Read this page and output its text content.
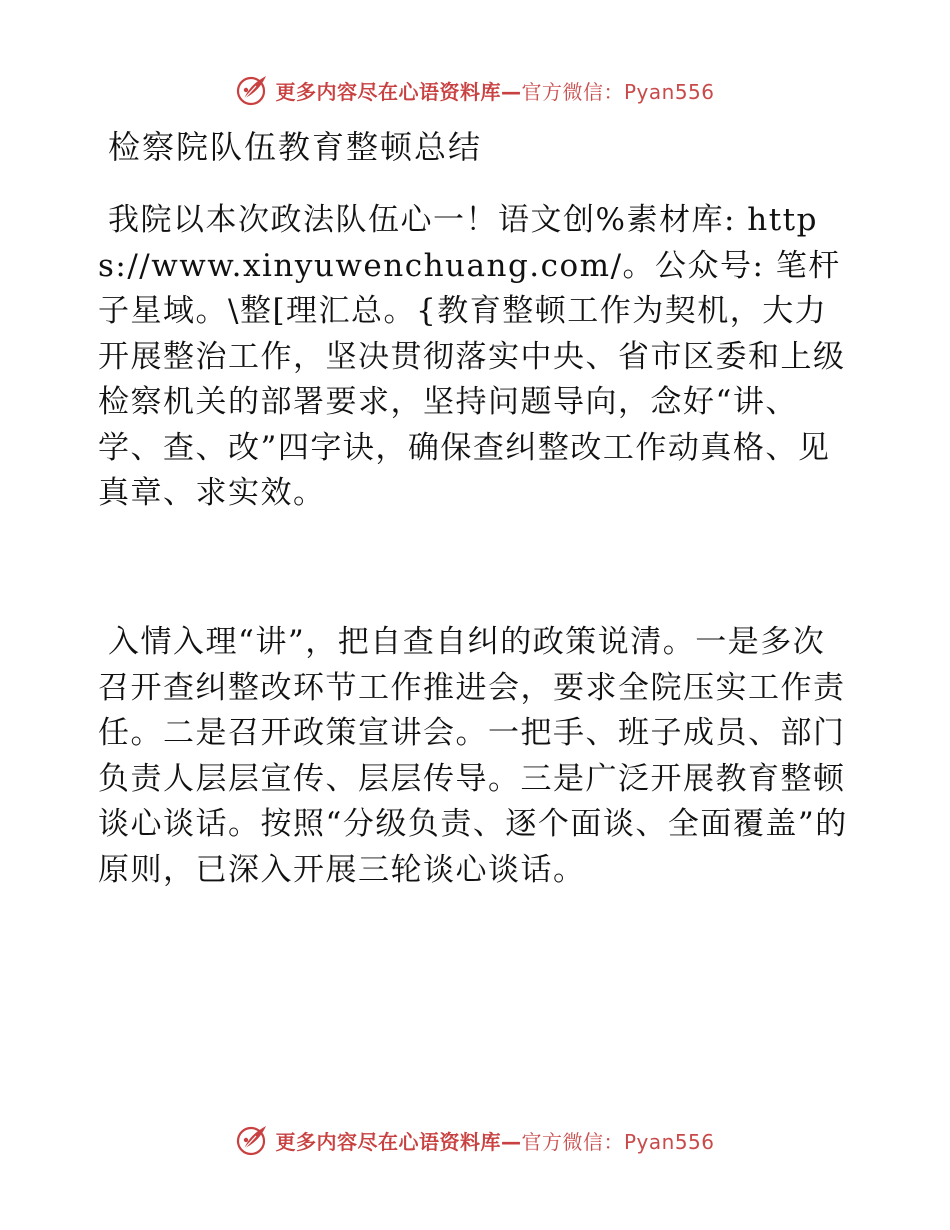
更多内容尽在心语资料库—官方微信：Pyan556
检察院队伍教育整顿总结

我院以本次政法队伍心一！语文创%素材库: https://www.xinyuwenchuang.com/。公众号: 笔杆子星域。\整[理汇总。{教育整顿工作为契机，大力开展整治工作，坚决贯彻落实中央、省市区委和上级检察机关的部署要求，坚持问题导向，念好“讲、学、查、改”四字诀，确保查纠整改工作动真格、见真章、求实效。

入情入理“讲”，把自查自纠的政策说清。一是多次召开查纠整改环节工作推进会，要求全院压实工作责任。二是召开政策宣讲会。一把手、班子成员、部门负责人层层宣传、层层传导。三是广泛开展教育整顿谈心谈话。按照“分级负责、逐个面谈、全面覆盖”的原则，已深入开展三轮谈心谈话。

更多内容尽在心语资料库—官方微信：Pyan556
